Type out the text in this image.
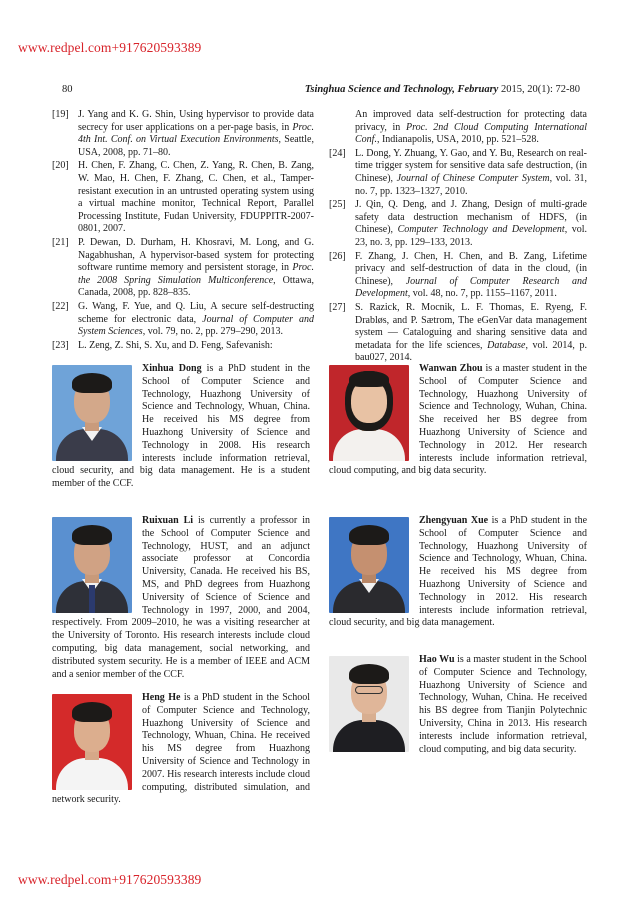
www.redpel.com+917620593389
80	Tsinghua Science and Technology, February 2015, 20(1): 72-80
[19] J. Yang and K. G. Shin, Using hypervisor to provide data secrecy for user applications on a per-page basis, in Proc. 4th Int. Conf. on Virtual Execution Environments, Seattle, USA, 2008, pp. 71–80.
[20] H. Chen, F. Zhang, C. Chen, Z. Yang, R. Chen, B. Zang, W. Mao, H. Chen, F. Zhang, C. Chen, et al., Tamper-resistant execution in an untrusted operating system using a virtual machine monitor, Technical Report, Parallel Processing Institute, Fudan University, FDUPPITR-2007-0801, 2007.
[21] P. Dewan, D. Durham, H. Khosravi, M. Long, and G. Nagabhushan, A hypervisor-based system for protecting software runtime memory and persistent storage, in Proc. the 2008 Spring Simulation Multiconference, Ottawa, Canada, 2008, pp. 828–835.
[22] G. Wang, F. Yue, and Q. Liu, A secure self-destructing scheme for electronic data, Journal of Computer and System Sciences, vol. 79, no. 2, pp. 279–290, 2013.
[23] L. Zeng, Z. Shi, S. Xu, and D. Feng, Safevanish:
An improved data self-destruction for protecting data privacy, in Proc. 2nd Cloud Computing International Conf., Indianapolis, USA, 2010, pp. 521–528.
[24] L. Dong, Y. Zhuang, Y. Gao, and Y. Bu, Research on real-time trigger system for sensitive data safe destruction, (in Chinese), Journal of Chinese Computer System, vol. 31, no. 7, pp. 1323–1327, 2010.
[25] J. Qin, Q. Deng, and J. Zhang, Design of multi-grade safety data destruction mechanism of HDFS, (in Chinese), Computer Technology and Development, vol. 23, no. 3, pp. 129–133, 2013.
[26] F. Zhang, J. Chen, H. Chen, and B. Zang, Lifetime privacy and self-destruction of data in the cloud, (in Chinese), Journal of Computer Research and Development, vol. 48, no. 7, pp. 1155–1167, 2011.
[27] S. Razick, R. Mocnik, L. F. Thomas, E. Ryeng, F. Drabløs, and P. Sætrom, The eGenVar data management system — Cataloguing and sharing sensitive data and metadata for the life sciences, Database, vol. 2014, p. bau027, 2014.
Xinhua Dong is a PhD student in the School of Computer Science and Technology, Huazhong University of Science and Technology, Whuan, China. He received his MS degree from Huazhong University of Science and Technology in 2008. His research interests include information retrieval, cloud security, and big data management. He is a student member of the CCF.
Wanwan Zhou is a master student in the School of Computer Science and Technology, Huazhong University of Science and Technology, Wuhan, China. She received her BS degree from Huazhong University of Science and Technology in 2012. Her research interests include information retrieval, cloud computing, and big data security.
Ruixuan Li is currently a professor in the School of Computer Science and Technology, HUST, and an adjunct associate professor at Concordia University, Canada. He received his BS, MS, and PhD degrees from Huazhong University of Science of Science and Technology in 1997, 2000, and 2004, respectively. From 2009–2010, he was a visiting researcher at the University of Toronto. His research interests include cloud computing, big data management, social networking, and distributed system security. He is a member of IEEE and ACM and a senior member of the CCF.
Zhengyuan Xue is a PhD student in the School of Computer Science and Technology, Huazhong University of Science and Technology, Whuan, China. He received his MS degree from Huazhong University of Science and Technology in 2012. His research interests include information retrieval, cloud security, and big data management.
Heng He is a PhD student in the School of Computer Science and Technology, Huazhong University of Science and Technology, Whuan, China. He received his MS degree from Huazhong University of Science and Technology in 2007. His research interests include cloud computing, distributed simulation, and network security.
Hao Wu is a master student in the School of Computer Science and Technology, Huazhong University of Science and Technology, Wuhan, China. He received his BS degree from Tianjin Polytechnic University, China in 2013. His research interests include information retrieval, cloud computing, and big data security.
www.redpel.com+917620593389
